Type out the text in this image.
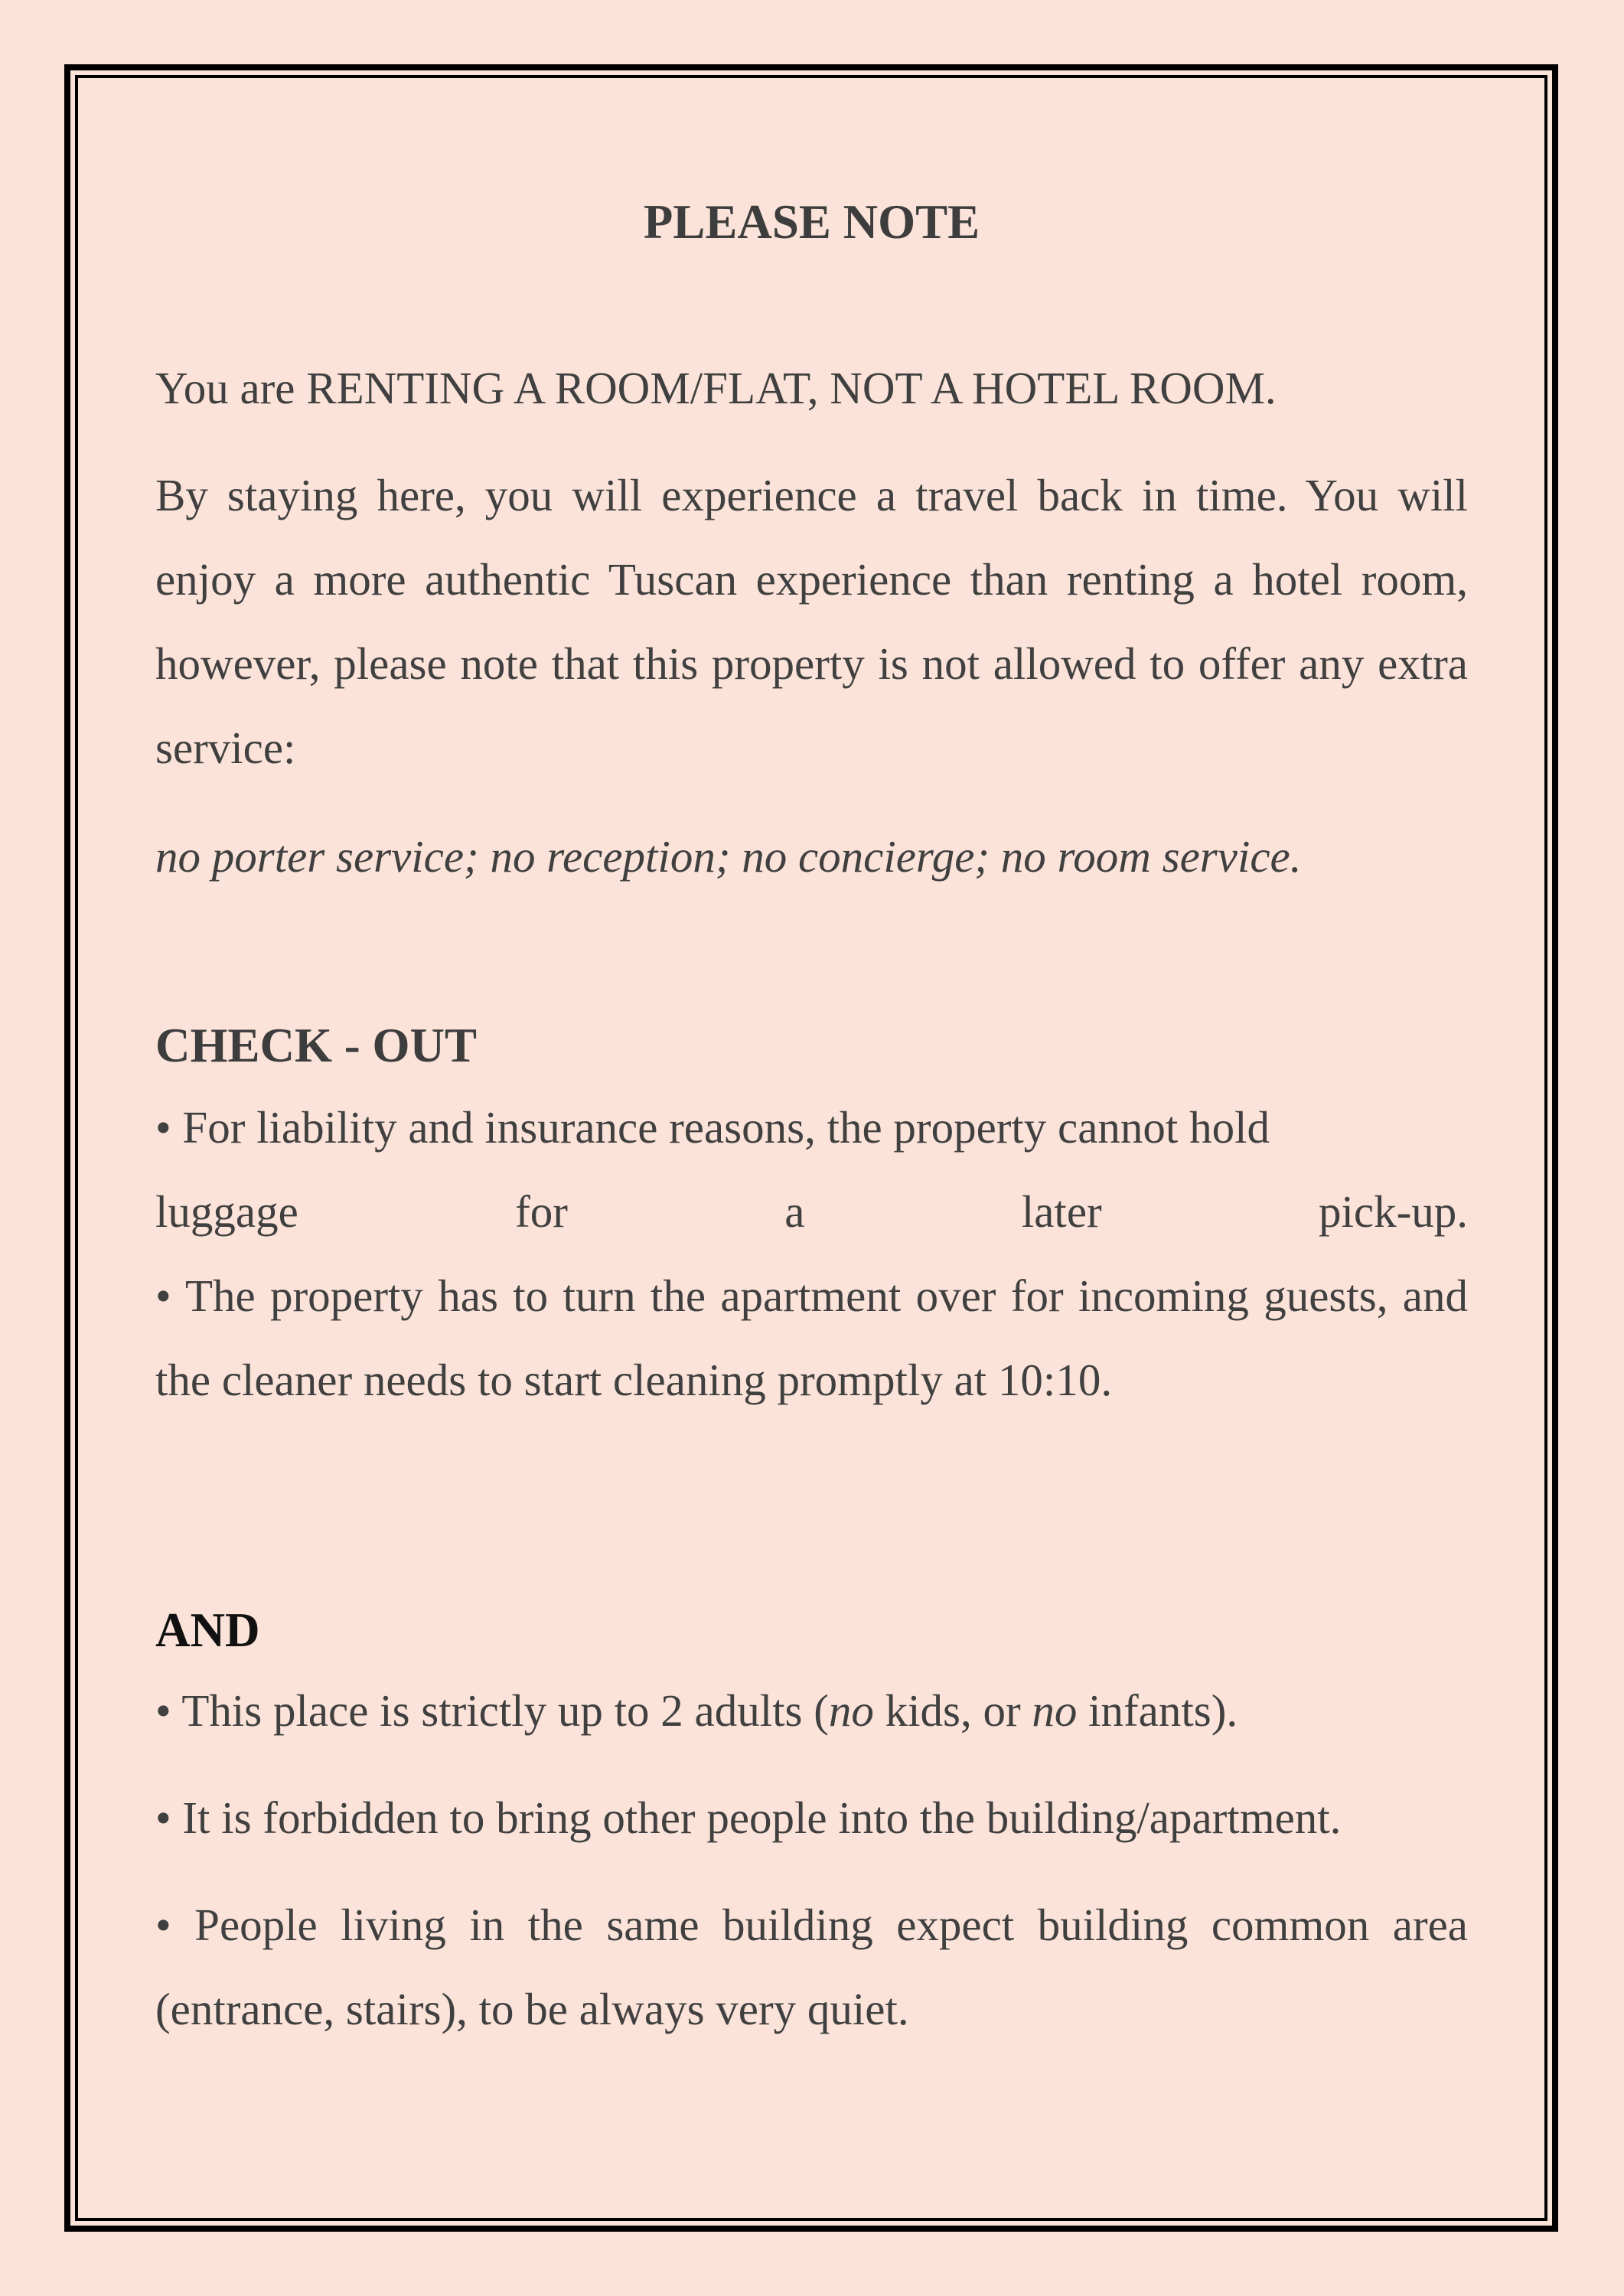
PLEASE NOTE
You are RENTING A ROOM/FLAT, NOT A HOTEL ROOM.
By staying here, you will experience a travel back in time. You will enjoy a more authentic Tuscan experience than renting a hotel room, however, please note that this property is not allowed to offer any extra service:
no porter service; no reception; no concierge; no room service.
CHECK - OUT
• For liability and insurance reasons, the property cannot hold
luggage	for	a	later	pick-up.
• The property has to turn the apartment over for incoming guests, and the cleaner needs to start cleaning promptly at 10:10.
AND
• This place is strictly up to 2 adults (no kids, or no infants).
• It is forbidden to bring other people into the building/apartment.
• People living in the same building expect building common area (entrance, stairs), to be always very quiet.
